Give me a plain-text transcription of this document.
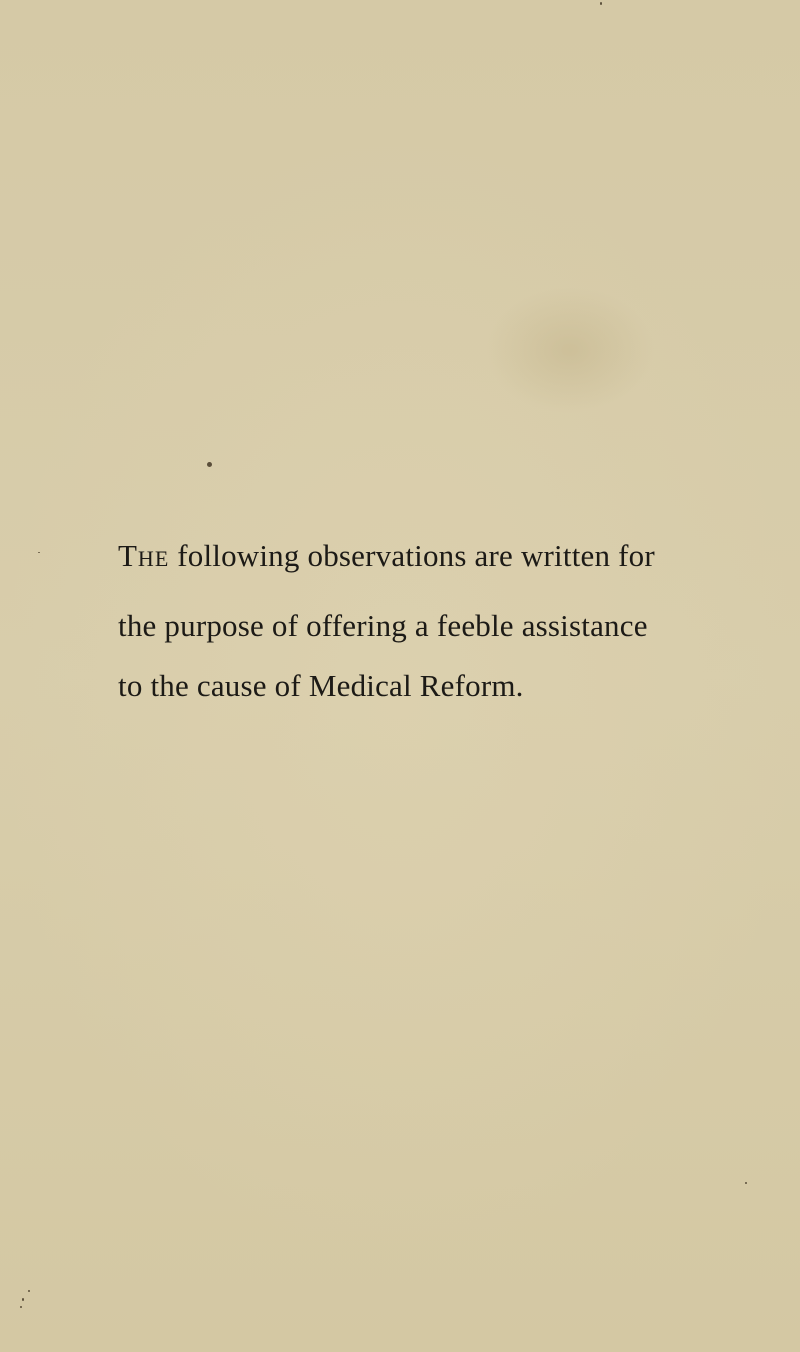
The following observations are written for
the purpose of offering a feeble assistance
to the cause of Medical Reform.
